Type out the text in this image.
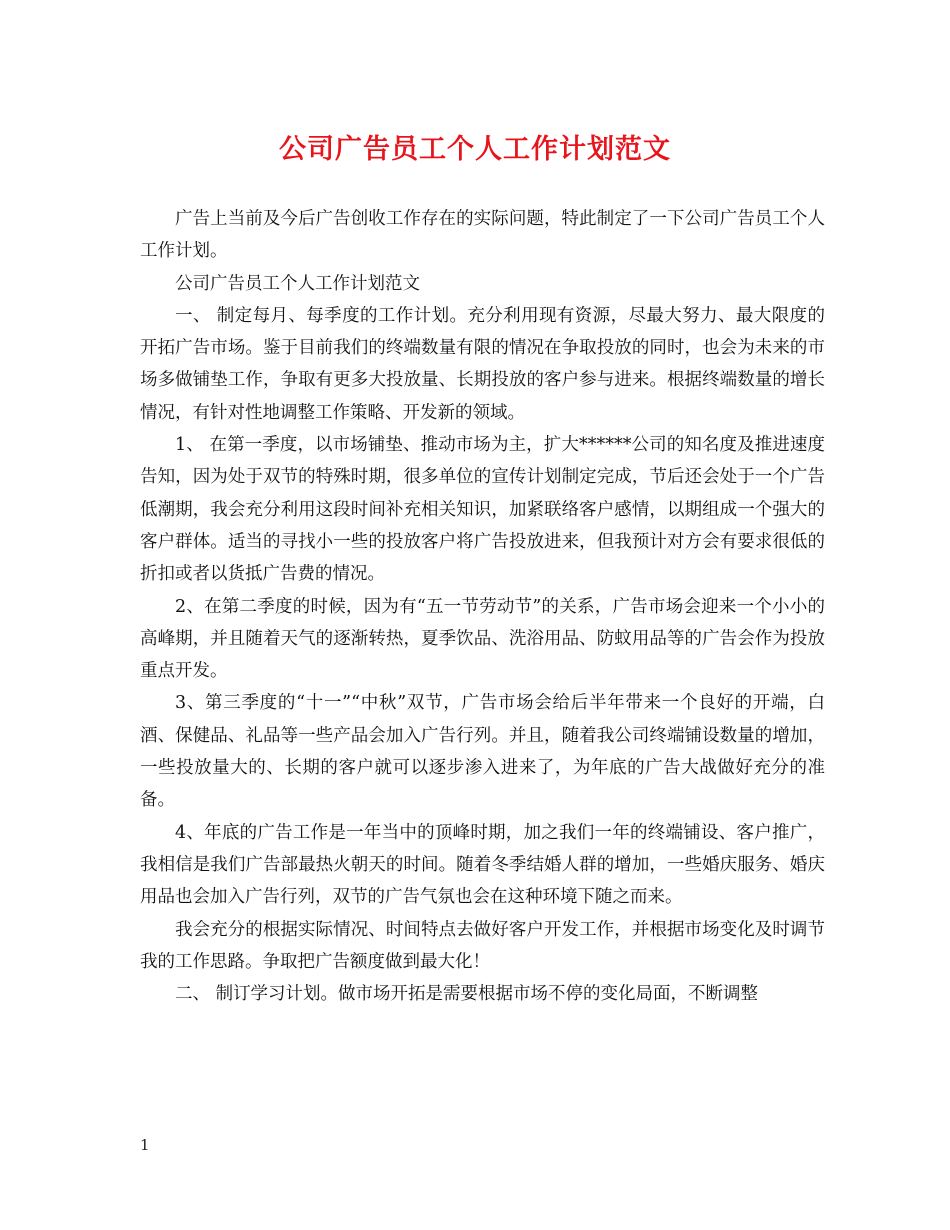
公司广告员工个人工作计划范文

广告上当前及今后广告创收工作存在的实际问题，特此制定了一下公司广告员工个人工作计划。

公司广告员工个人工作计划范文

一、 制定每月、每季度的工作计划。充分利用现有资源，尽最大努力、最大限度的开拓广告市场。鉴于目前我们的终端数量有限的情况在争取投放的同时，也会为未来的市场多做铺垫工作，争取有更多大投放量、长期投放的客户参与进来。根据终端数量的增长情况，有针对性地调整工作策略、开发新的领域。

1、 在第一季度，以市场铺垫、推动市场为主，扩大******公司的知名度及推进速度告知，因为处于双节的特殊时期，很多单位的宣传计划制定完成，节后还会处于一个广告低潮期，我会充分利用这段时间补充相关知识，加紧联络客户感情，以期组成一个强大的客户群体。适当的寻找小一些的投放客户将广告投放进来，但我预计对方会有要求很低的折扣或者以货抵广告费的情况。

2、在第二季度的时候，因为有“五一节劳动节”的关系，广告市场会迎来一个小小的高峰期，并且随着天气的逐渐转热，夏季饮品、洗浴用品、防蚊用品等的广告会作为投放重点开发。

3、第三季度的“十一”“中秋”双节，广告市场会给后半年带来一个良好的开端，白酒、保健品、礼品等一些产品会加入广告行列。并且，随着我公司终端铺设数量的增加，一些投放量大的、长期的客户就可以逐步渗入进来了，为年底的广告大战做好充分的准备。

4、年底的广告工作是一年当中的顶峰时期，加之我们一年的终端铺设、客户推广，我相信是我们广告部最热火朝天的时间。随着冬季结婚人群的增加，一些婚庆服务、婚庆用品也会加入广告行列，双节的广告气氛也会在这种环境下随之而来。

我会充分的根据实际情况、时间特点去做好客户开发工作，并根据市场变化及时调节我的工作思路。争取把广告额度做到最大化！

二、 制订学习计划。做市场开拓是需要根据市场不停的变化局面，不断调整

1
